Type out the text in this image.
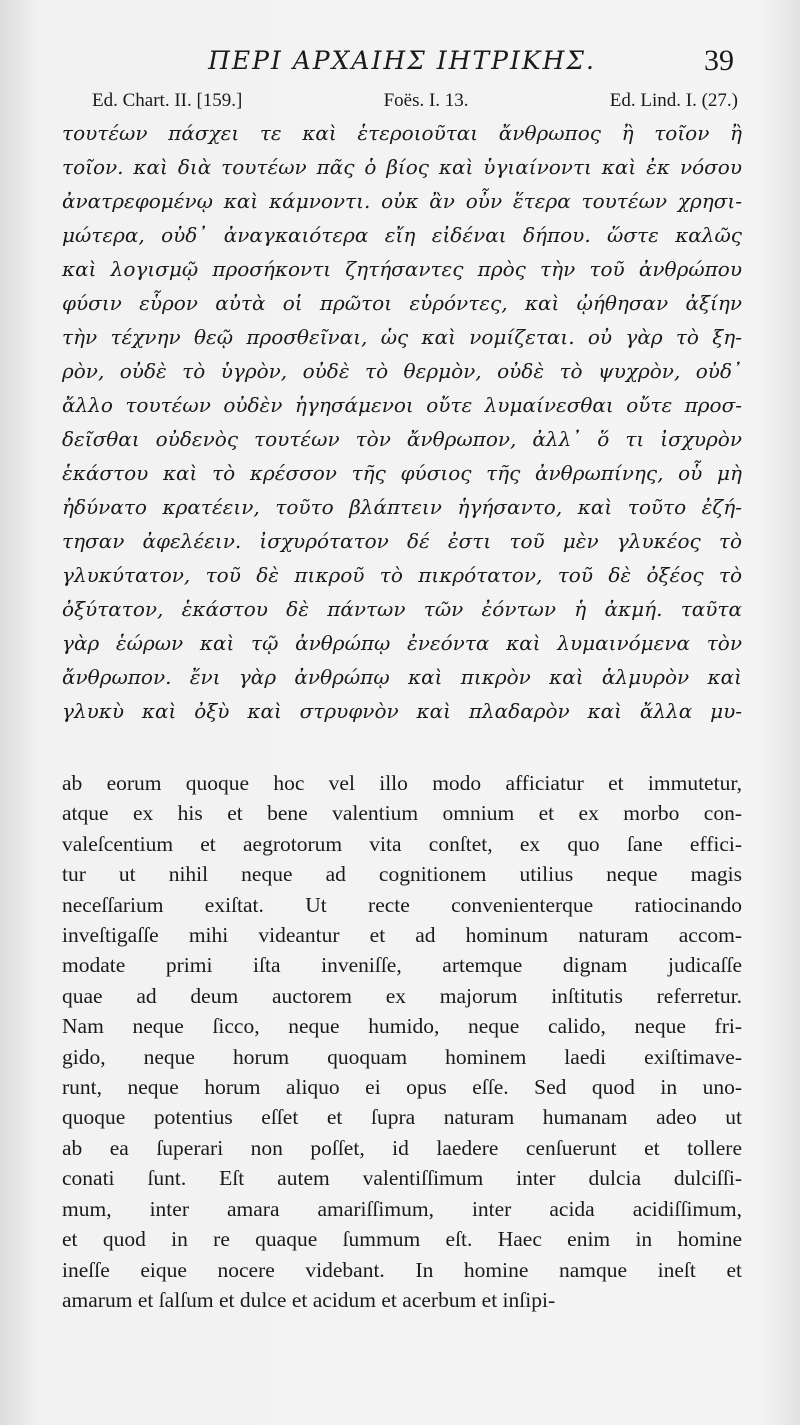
ΠΕΡΙ ΑΡΧΑΙΗΣ ΙΗΤΡΙΚΗΣ.	39
Ed. Chart. II. [159.]	Foës. I. 13.	Ed. Lind. I. (27.)
τουτέων πάσχει τε καὶ ἑτεροιοῦται ἄνθρωπος ἢ τοῖον ἢ
τοῖον. καὶ διὰ τουτέων πᾶς ὁ βίος καὶ ὑγιαίνοντι καὶ ἐκ νόσου
ἀνατρεφομένῳ καὶ κάμνοντι. οὐκ ἂν οὖν ἕτερα τουτέων χρησι-
μώτερα, οὐδ᾽ ἀναγκαιότερα εἴη εἰδέναι δήπου. ὥστε καλῶς
καὶ λογισμῷ προσήκοντι ζητήσαντες πρὸς τὴν τοῦ ἀνθρώπου
φύσιν εὗρον αὐτὰ οἱ πρῶτοι εὑρόντες, καὶ ᾠήθησαν ἀξίην
τὴν τέχνην θεῷ προσθεῖναι, ὡς καὶ νομίζεται. οὐ γὰρ τὸ ξη-
ρὸν, οὐδὲ τὸ ὑγρὸν, οὐδὲ τὸ θερμὸν, οὐδὲ τὸ ψυχρὸν, οὐδ᾽
ἄλλο τουτέων οὐδὲν ἡγησάμενοι οὔτε λυμαίνεσθαι οὔτε προσ-
δεῖσθαι οὐδενὸς τουτέων τὸν ἄνθρωπον, ἀλλ᾽ ὅ τι ἰσχυρὸν
ἑκάστου καὶ τὸ κρέσσον τῆς φύσιος τῆς ἀνθρωπίνης, οὗ μὴ
ἠδύνατο κρατέειν, τοῦτο βλάπτειν ἡγήσαντο, καὶ τοῦτο ἐζή-
τησαν ἀφελέειν. ἰσχυρότατον δέ ἐστι τοῦ μὲν γλυκέος τὸ
γλυκύτατον, τοῦ δὲ πικροῦ τὸ πικρότατον, τοῦ δὲ ὀξέος τὸ
ὀξύτατον, ἑκάστου δὲ πάντων τῶν ἐόντων ἡ ἀκμή. ταῦτα
γὰρ ἑώρων καὶ τῷ ἀνθρώπῳ ἐνεόντα καὶ λυμαινόμενα τὸν
ἄνθρωπον. ἔνι γὰρ ἀνθρώπῳ καὶ πικρὸν καὶ ἁλμυρὸν καὶ
γλυκὺ καὶ ὀξὺ καὶ στρυφνὸν καὶ πλαδαρὸν καὶ ἄλλα μυ-
ab eorum quoque hoc vel illo modo afficiatur et immutetur,
atque ex his et bene valentium omnium et ex morbo con-
valeſcentium et aegrotorum vita conſtet, ex quo ſane effici-
tur ut nihil neque ad cognitionem utilius neque magis
neceſſarium exiſtat. Ut recte convenienterque ratiocinando
inveſtigaſſe mihi videantur et ad hominum naturam accom-
modate primi iſta inveniſſe, artemque dignam judicaſſe
quae ad deum auctorem ex majorum inſtitutis referretur.
Nam neque ſicco, neque humido, neque calido, neque fri-
gido, neque horum quoquam hominem laedi exiſtimave-
runt, neque horum aliquo ei opus eſſe. Sed quod in uno-
quoque potentius eſſet et ſupra naturam humanam adeo ut
ab ea ſuperari non poſſet, id laedere cenſuerunt et tollere
conati ſunt. Eſt autem valentiſſimum inter dulcia dulciſſi-
mum, inter amara amariſſimum, inter acida acidiſſimum,
et quod in re quaque ſummum eſt. Haec enim in homine
ineſſe eique nocere videbant. In homine namque ineſt et
amarum et ſalſum et dulce et acidum et acerbum et inſipi-
